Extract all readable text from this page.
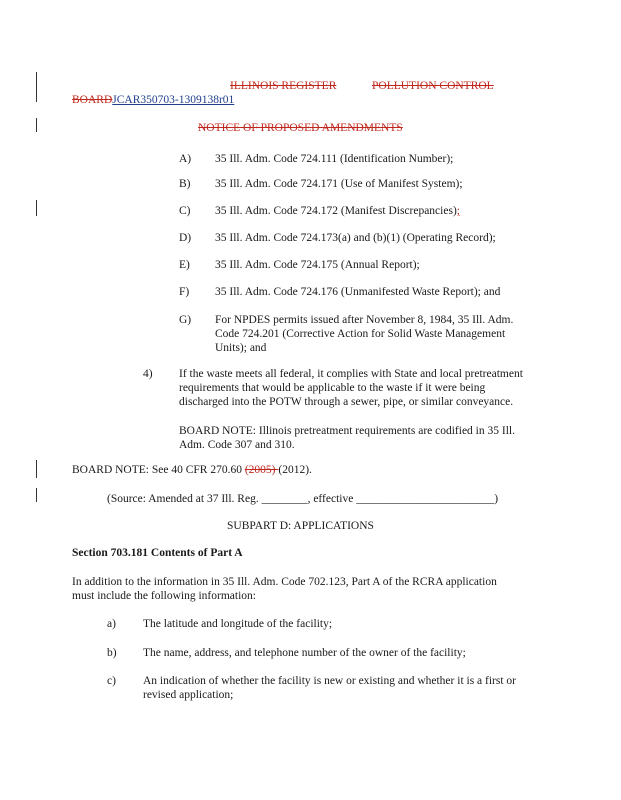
ILLINOIS REGISTER	POLLUTION CONTROL
BOARDJCAR350703-1309138r01
NOTICE OF PROPOSED AMENDMENTS
A) 35 Ill. Adm. Code 724.111 (Identification Number);
B) 35 Ill. Adm. Code 724.171 (Use of Manifest System);
C) 35 Ill. Adm. Code 724.172 (Manifest Discrepancies);
D) 35 Ill. Adm. Code 724.173(a) and (b)(1) (Operating Record);
E) 35 Ill. Adm. Code 724.175 (Annual Report);
F) 35 Ill. Adm. Code 724.176 (Unmanifested Waste Report); and
G) For NPDES permits issued after November 8, 1984, 35 Ill. Adm.
Code 724.201 (Corrective Action for Solid Waste Management
Units); and
4) If the waste meets all federal, it complies with State and local pretreatment
requirements that would be applicable to the waste if it were being
discharged into the POTW through a sewer, pipe, or similar conveyance.
BOARD NOTE: Illinois pretreatment requirements are codified in 35 Ill.
Adm. Code 307 and 310.
BOARD NOTE: See 40 CFR 270.60 (2005) (2012).
(Source: Amended at 37 Ill. Reg. ________, effective ________________________)
SUBPART D: APPLICATIONS
Section 703.181 Contents of Part A
In addition to the information in 35 Ill. Adm. Code 702.123, Part A of the RCRA application
must include the following information:
a) The latitude and longitude of the facility;
b) The name, address, and telephone number of the owner of the facility;
c) An indication of whether the facility is new or existing and whether it is a first or
revised application;
